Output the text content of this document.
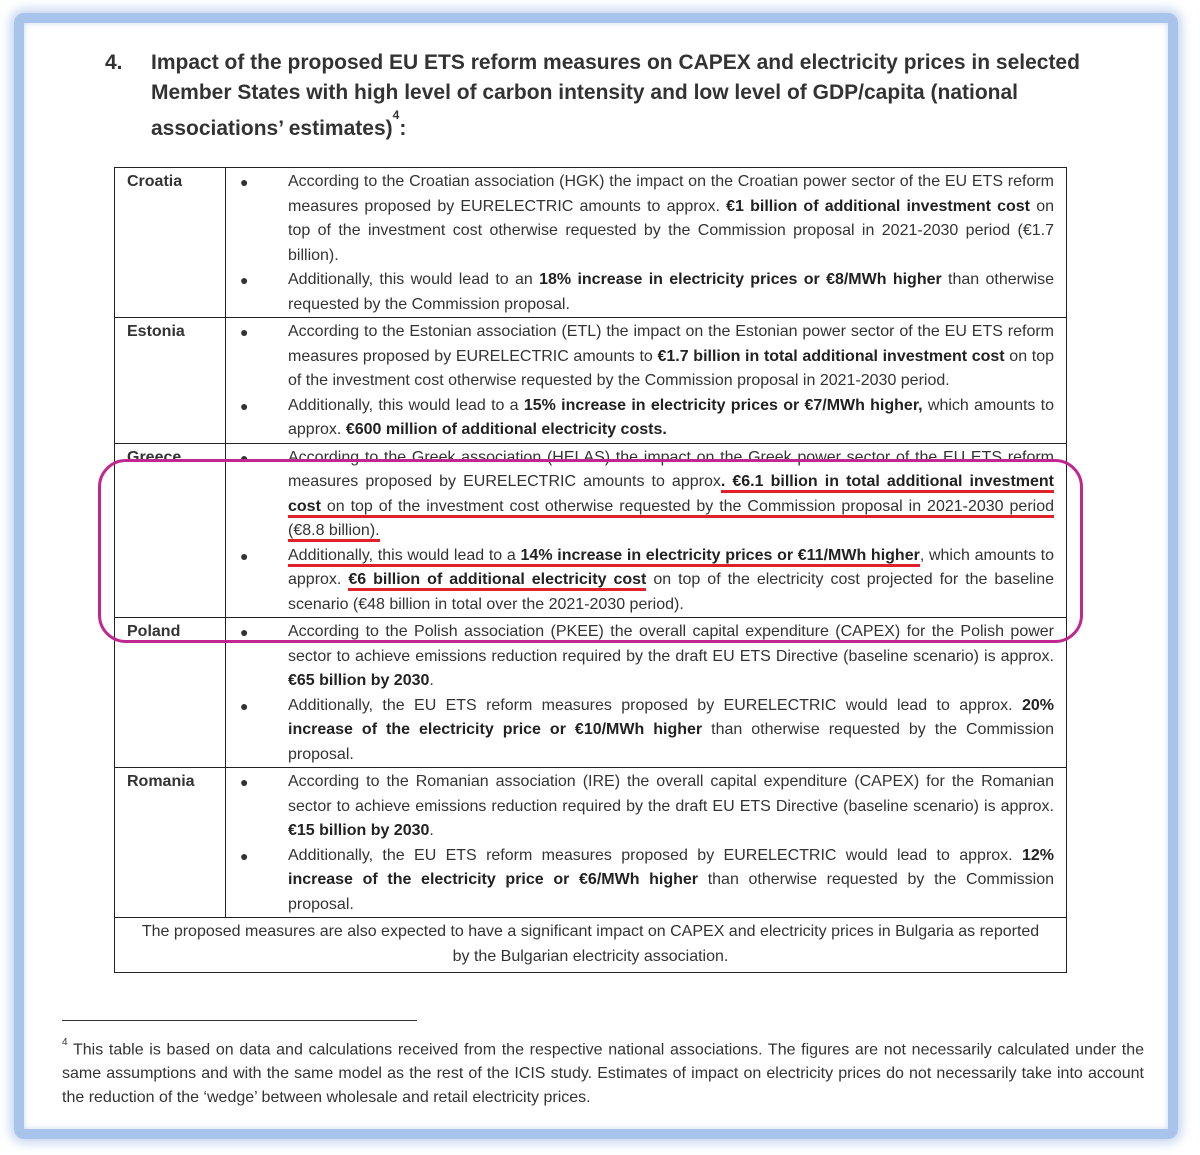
4. Impact of the proposed EU ETS reform measures on CAPEX and electricity prices in selected Member States with high level of carbon intensity and low level of GDP/capita (national associations’ estimates)$^4$:
Croatia	● According to the Croatian association (HGK) the impact on the Croatian power sector of the EU ETS reform measures proposed by EURELECTRIC amounts to approx. €1 billion of additional investment cost on top of the investment cost otherwise requested by the Commission proposal in 2021-2030 period (€1.7 billion).
● Additionally, this would lead to an 18% increase in electricity prices or €8/MWh higher than otherwise requested by the Commission proposal.

Estonia	● According to the Estonian association (ETL) the impact on the Estonian power sector of the EU ETS reform measures proposed by EURELECTRIC amounts to €1.7 billion in total additional investment cost on top of the investment cost otherwise requested by the Commission proposal in 2021-2030 period.
● Additionally, this would lead to a 15% increase in electricity prices or €7/MWh higher, which amounts to approx. €600 million of additional electricity costs.

Greece	● According to the Greek association (HELAS) the impact on the Greek power sector of the EU ETS reform measures proposed by EURELECTRIC amounts to approx. €6.1 billion in total additional investment cost on top of the investment cost otherwise requested by the Commission proposal in 2021-2030 period (€8.8 billion).
● Additionally, this would lead to a 14% increase in electricity prices or €11/MWh higher, which amounts to approx. €6 billion of additional electricity cost on top of the electricity cost projected for the baseline scenario (€48 billion in total over the 2021-2030 period).

Poland	● According to the Polish association (PKEE) the overall capital expenditure (CAPEX) for the Polish power sector to achieve emissions reduction required by the draft EU ETS Directive (baseline scenario) is approx. €65 billion by 2030.
● Additionally, the EU ETS reform measures proposed by EURELECTRIC would lead to approx. 20% increase of the electricity price or €10/MWh higher than otherwise requested by the Commission proposal.

Romania	● According to the Romanian association (IRE) the overall capital expenditure (CAPEX) for the Romanian sector to achieve emissions reduction required by the draft EU ETS Directive (baseline scenario) is approx. €15 billion by 2030.
● Additionally, the EU ETS reform measures proposed by EURELECTRIC would lead to approx. 12% increase of the electricity price or €6/MWh higher than otherwise requested by the Commission proposal.

The proposed measures are also expected to have a significant impact on CAPEX and electricity prices in Bulgaria as reported by the Bulgarian electricity association.	
$^4$ This table is based on data and calculations received from the respective national associations. The figures are not necessarily calculated under the same assumptions and with the same model as the rest of the ICIS study. Estimates of impact on electricity prices do not necessarily take into account the reduction of the ‘wedge’ between wholesale and retail electricity prices.
